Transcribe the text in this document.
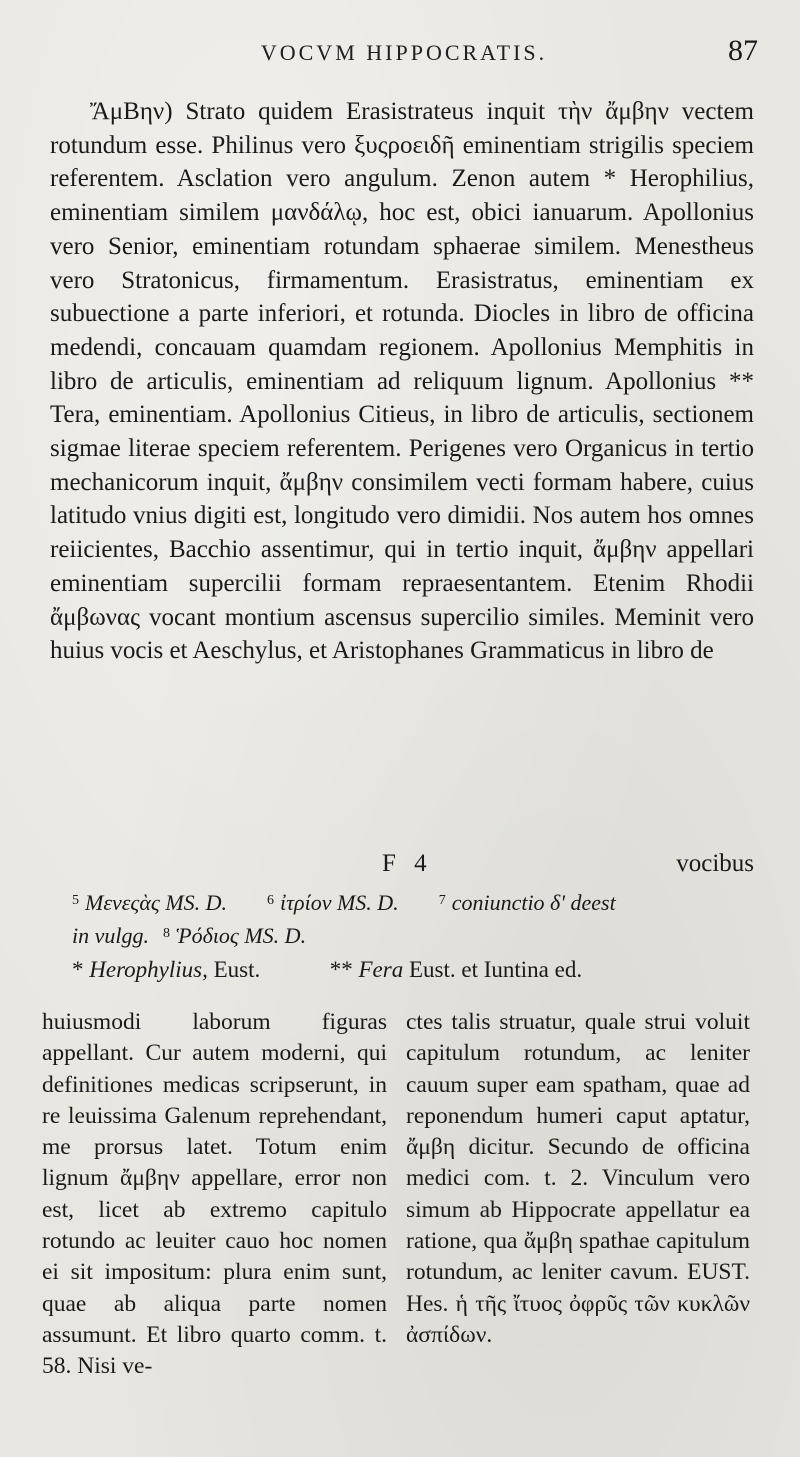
VOCVM HIPPOCRATIS.	87

ἌμΒην) Strato quidem Erasistrateus inquit τὴν ἄμβην vectem rotundum esse. Philinus vero ξυςροειδῆ eminentiam strigilis speciem referentem. Asclation vero angulum. Zenon autem * Herophilius, eminentiam similem μανδάλῳ, hoc est, obici ianuarum. Apollonius vero Senior, eminentiam rotundam sphaerae similem. Menestheus vero Stratonicus, firmamentum. Erasistratus, eminentiam ex subuectione a parte inferiori, et rotunda. Diocles in libro de officina medendi, concauam quamdam regionem. Apollonius Memphitis in libro de articulis, eminentiam ad reliquum lignum. Apollonius ** Tera, eminentiam. Apollonius Citieus, in libro de articulis, sectionem sigmae literae speciem referentem. Perigenes vero Organicus in tertio mechanicorum inquit, ἄμβην consimilem vecti formam habere, cuius latitudo vnius digiti est, longitudo vero dimidii. Nos autem hos omnes reiicientes, Bacchio assentimur, qui in tertio inquit, ἄμβην appellari eminentiam supercilii formam repraesentantem. Etenim Rhodii ἄμβωνας vocant montium ascensus supercilio similes. Meminit vero huius vocis et Aeschylus, et Aristophanes Grammaticus in libro de

F 4	vocibus
$^5$ Μενεςὰς MS. D.	$^6$ ἰτρίον MS. D.	$^7$ coniunctio δ' deest
in vulgg. $^8$ Ῥόδιος MS. D.
* Herophylius, Eust.	** Fera Eust. et Iuntina ed.

huiusmodi laborum figuras appellant. Cur autem moderni, qui definitiones medicas scripserunt, in re leuissima Galenum reprehendant, me prorsus latet. Totum enim lignum ἄμβην appellare, error non est, licet ab extremo capitulo rotundo ac leuiter cauo hoc nomen ei sit impositum: plura enim sunt, quae ab aliqua parte nomen assumunt. Et libro quarto comm. t. 58. Nisi ve-

ctes talis struatur, quale strui voluit capitulum rotundum, ac leniter cauum super eam spatham, quae ad reponendum humeri caput aptatur, ἄμβη dicitur. Secundo de officina medici com. t. 2. Vinculum vero simum ab Hippocrate appellatur ea ratione, qua ἄμβη spathae capitulum rotundum, ac leniter cavum. EUST. Hes. ἡ τῆς ἴτυος ὀφρῦς τῶν κυκλῶν ἀσπίδων.
